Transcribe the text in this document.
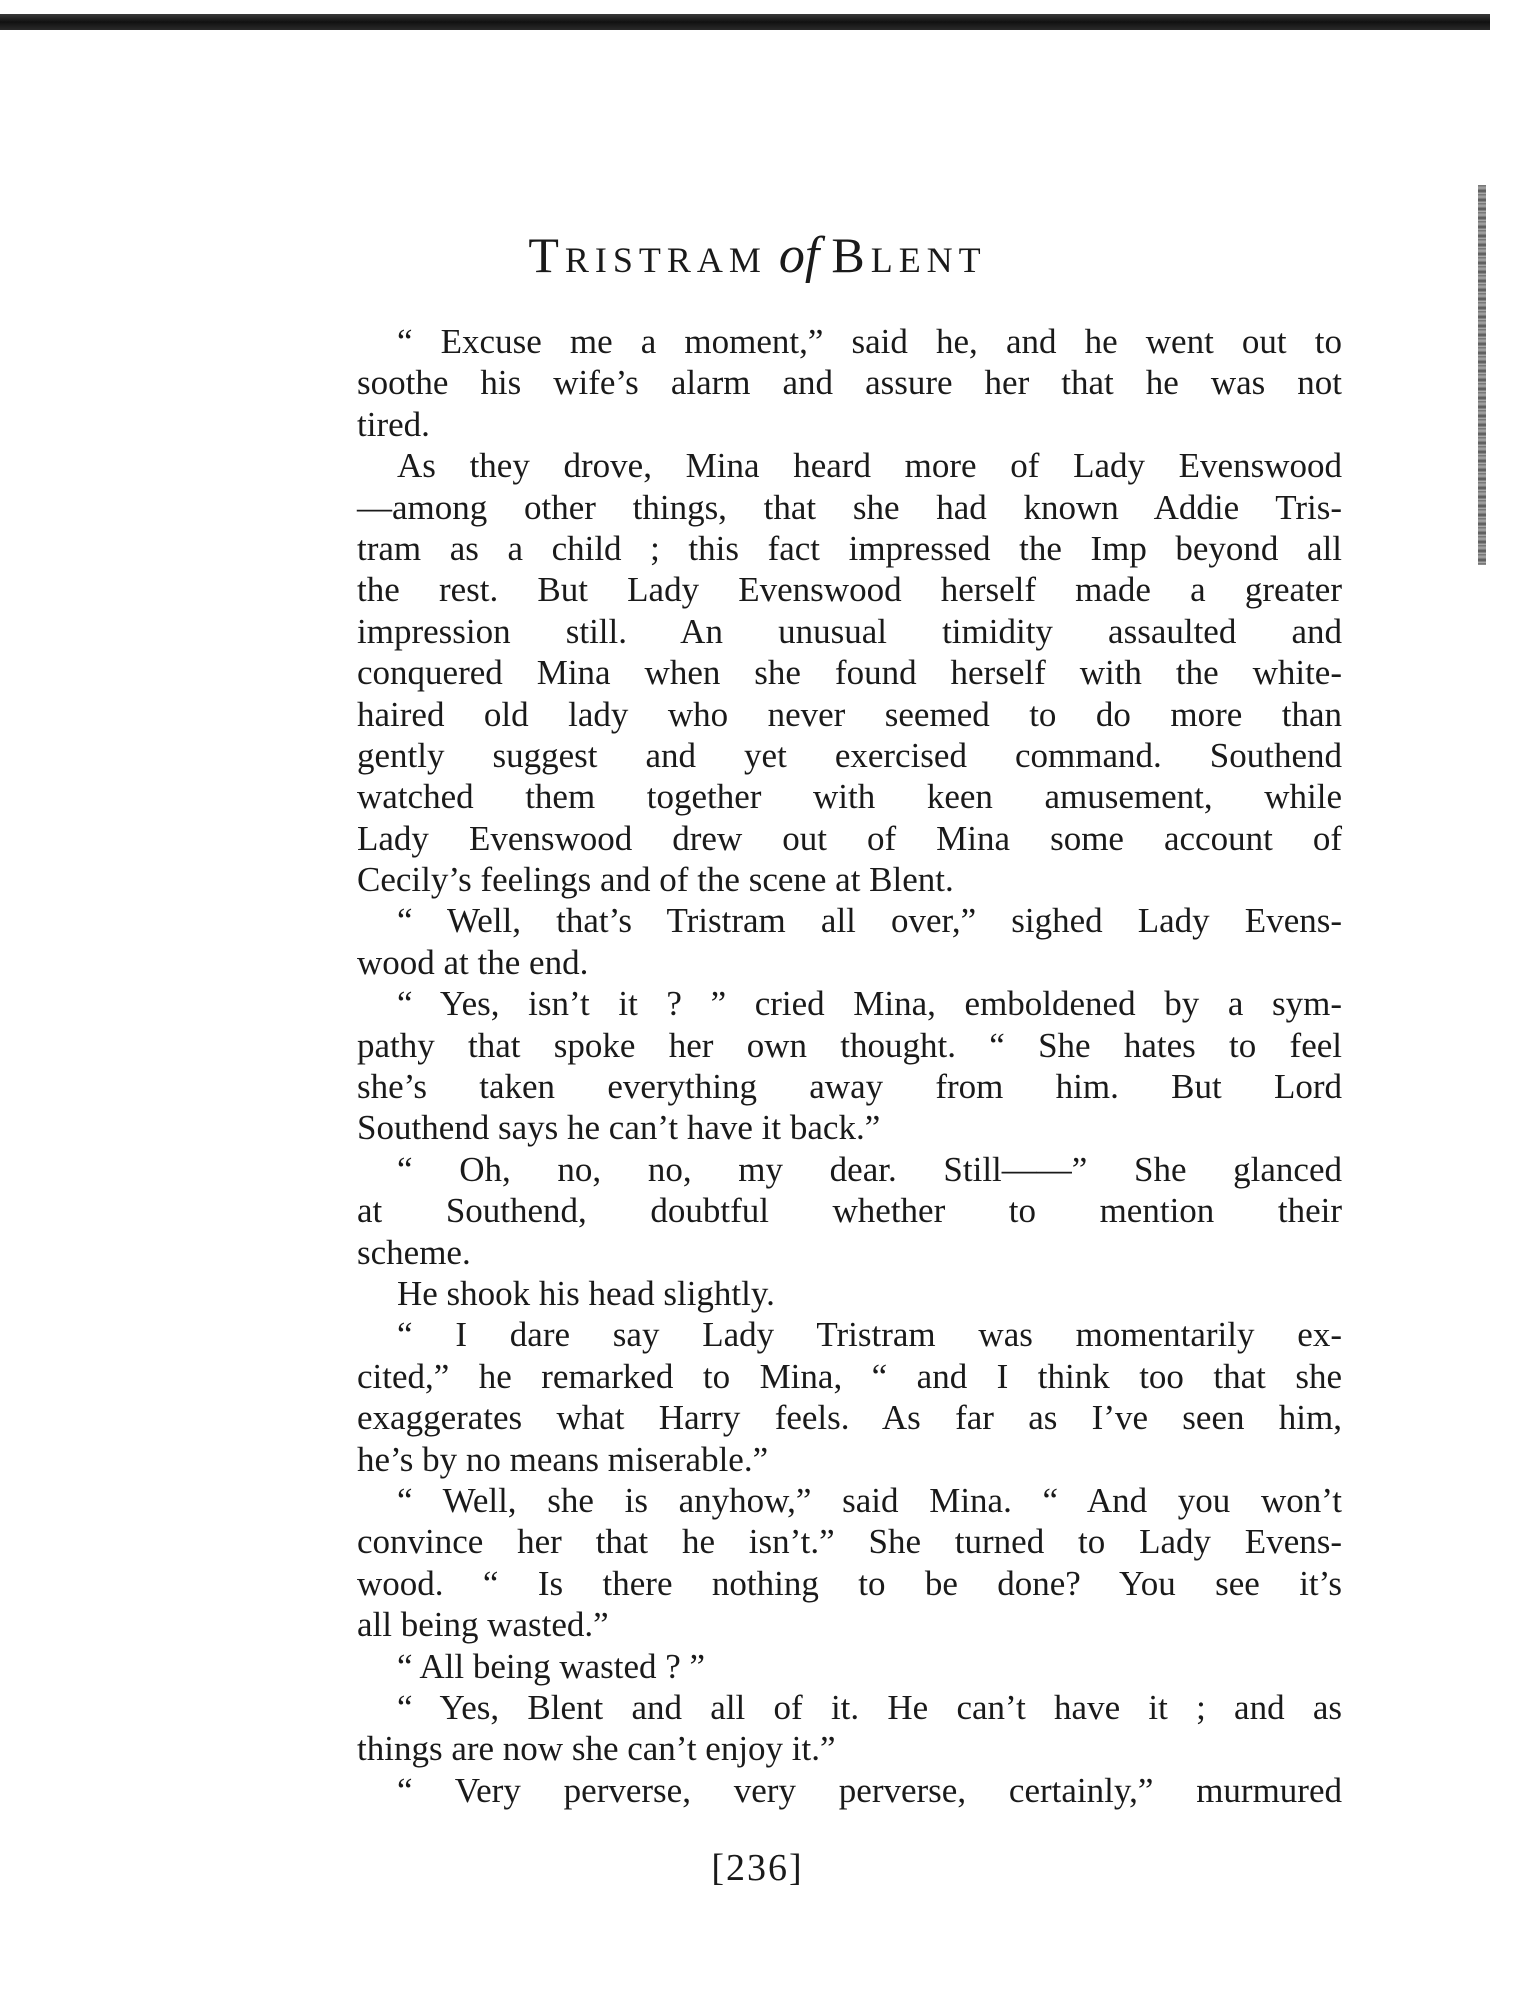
TRISTRAM of BLENT
“ Excuse me a moment,” said he, and he went out to
soothe his wife’s alarm and assure her that he was not
tired.
As they drove, Mina heard more of Lady Evenswood
—among other things, that she had known Addie Tris-
tram as a child ; this fact impressed the Imp beyond all
the rest. But Lady Evenswood herself made a greater
impression still. An unusual timidity assaulted and
conquered Mina when she found herself with the white-
haired old lady who never seemed to do more than
gently suggest and yet exercised command. Southend
watched them together with keen amusement, while
Lady Evenswood drew out of Mina some account of
Cecily’s feelings and of the scene at Blent.
“ Well, that’s Tristram all over,” sighed Lady Evens-
wood at the end.
“ Yes, isn’t it ? ” cried Mina, emboldened by a sym-
pathy that spoke her own thought. “ She hates to feel
she’s taken everything away from him. But Lord
Southend says he can’t have it back.”
“ Oh, no, no, my dear. Still——” She glanced
at Southend, doubtful whether to mention their
scheme.
He shook his head slightly.
“ I dare say Lady Tristram was momentarily ex-
cited,” he remarked to Mina, “ and I think too that she
exaggerates what Harry feels. As far as I’ve seen him,
he’s by no means miserable.”
“ Well, she is anyhow,” said Mina. “ And you won’t
convince her that he isn’t.” She turned to Lady Evens-
wood. “ Is there nothing to be done? You see it’s
all being wasted.”
“ All being wasted ? ”
“ Yes, Blent and all of it. He can’t have it ; and as
things are now she can’t enjoy it.”
“ Very perverse, very perverse, certainly,” murmured
[236]
